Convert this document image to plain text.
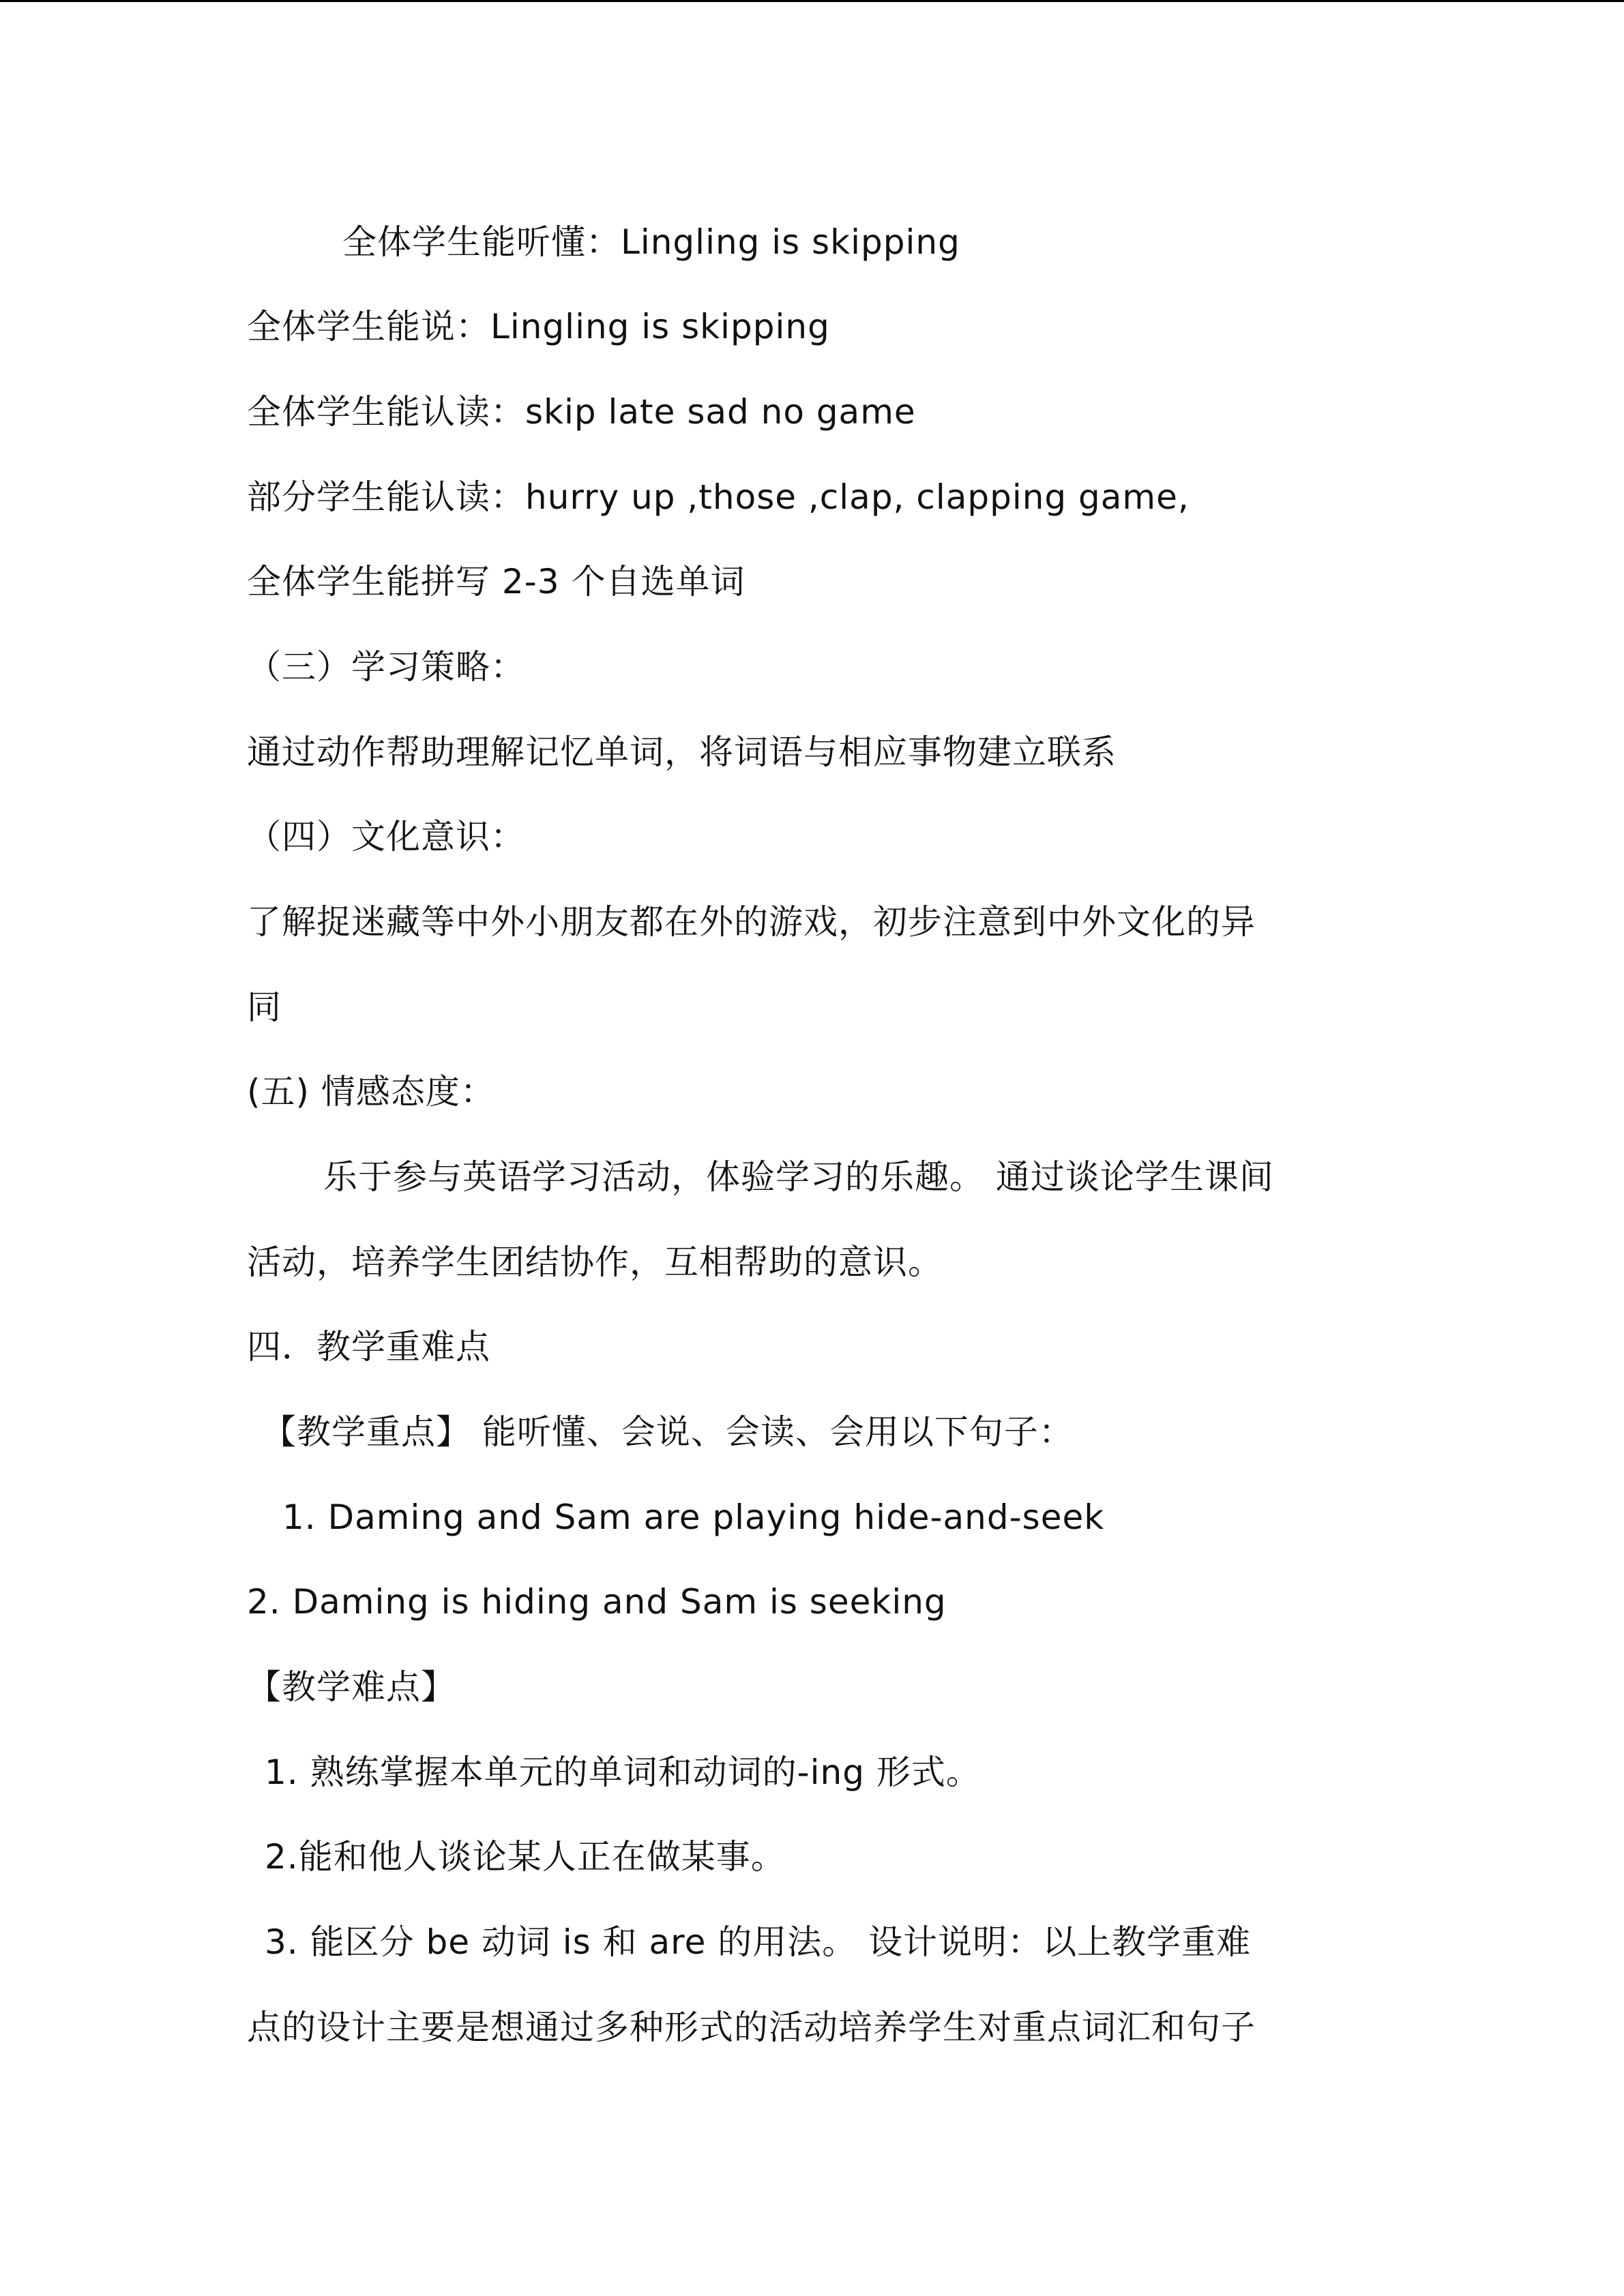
全体学生能听懂：Lingling is skipping
全体学生能说：Lingling is skipping
全体学生能认读：skip late sad no game
部分学生能认读：hurry up ,those ,clap, clapping game,
全体学生能拼写 2-3 个自选单词
（三）学习策略：
通过动作帮助理解记忆单词，将词语与相应事物建立联系
（四）文化意识：
了解捉迷藏等中外小朋友都在外的游戏，初步注意到中外文化的异
同
(五) 情感态度：
乐于参与英语学习活动，体验学习的乐趣。 通过谈论学生课间
活动，培养学生团结协作，互相帮助的意识。
四．教学重难点
【教学重点】 能听懂、会说、会读、会用以下句子：
1. Daming and Sam are playing hide-and-seek
2. Daming is hiding and Sam is seeking
【教学难点】
1. 熟练掌握本单元的单词和动词的-ing 形式。
2.能和他人谈论某人正在做某事。
3. 能区分 be 动词 is 和 are 的用法。 设计说明：以上教学重难
点的设计主要是想通过多种形式的活动培养学生对重点词汇和句子
